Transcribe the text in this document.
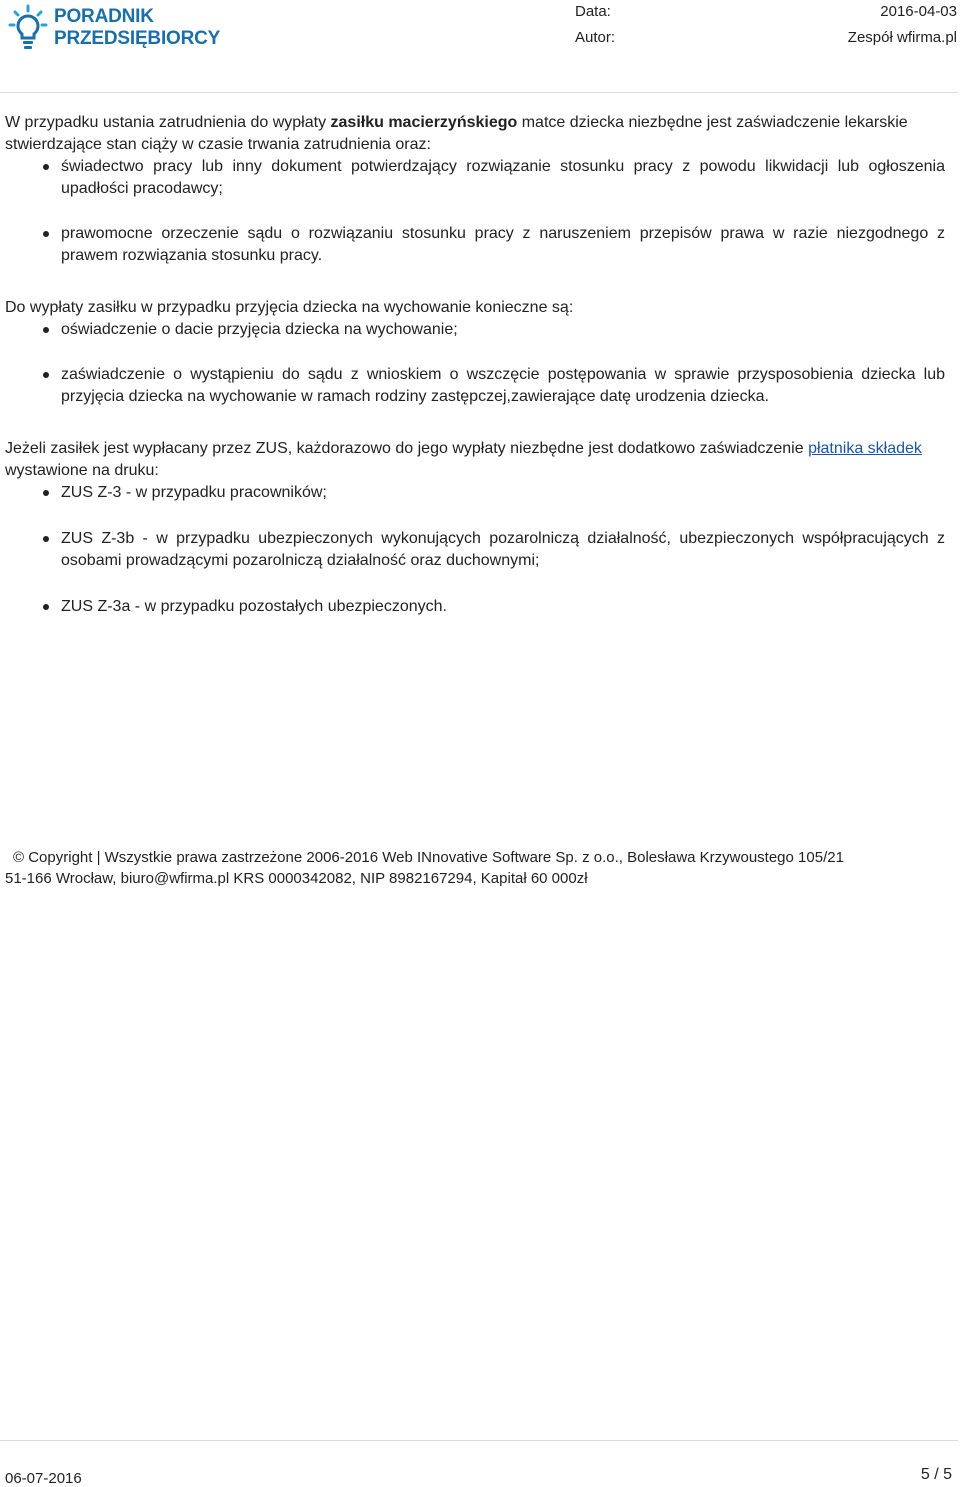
PORADNIK
PRZEDSIĘBIORCY
Data:	2016-04-03
Autor:	Zespół wfirma.pl

W przypadku ustania zatrudnienia do wypłaty zasiłku macierzyńskiego matce dziecka niezbędne jest zaświadczenie lekarskie stwierdzające stan ciąży w czasie trwania zatrudnienia oraz:

świadectwo pracy lub inny dokument potwierdzający rozwiązanie stosunku pracy z powodu likwidacji lub ogłoszenia upadłości pracodawcy;
prawomocne orzeczenie sądu o rozwiązaniu stosunku pracy z naruszeniem przepisów prawa w razie niezgodnego z prawem rozwiązania stosunku pracy.

Do wypłaty zasiłku w przypadku przyjęcia dziecka na wychowanie konieczne są:

oświadczenie o dacie przyjęcia dziecka na wychowanie;
zaświadczenie o wystąpieniu do sądu z wnioskiem o wszczęcie postępowania w sprawie przysposobienia dziecka lub przyjęcia dziecka na wychowanie w ramach rodziny zastępczej,zawierające datę urodzenia dziecka.

Jeżeli zasiłek jest wypłacany przez ZUS, każdorazowo do jego wypłaty niezbędne jest dodatkowo zaświadczenie płatnika składek wystawione na druku:

ZUS Z-3 - w przypadku pracowników;
ZUS Z-3b - w przypadku ubezpieczonych wykonujących pozarolniczą działalność, ubezpieczonych współpracujących z osobami prowadzącymi pozarolniczą działalność oraz duchownymi;
ZUS Z-3a - w przypadku pozostałych ubezpieczonych.
© Copyright | Wszystkie prawa zastrzeżone 2006-2016 Web INnovative Software Sp. z o.o., Bolesława Krzywoustego 105/21
51-166 Wrocław, biuro@wfirma.pl KRS 0000342082, NIP 8982167294, Kapitał 60 000zł
06-07-2016	5 / 5
